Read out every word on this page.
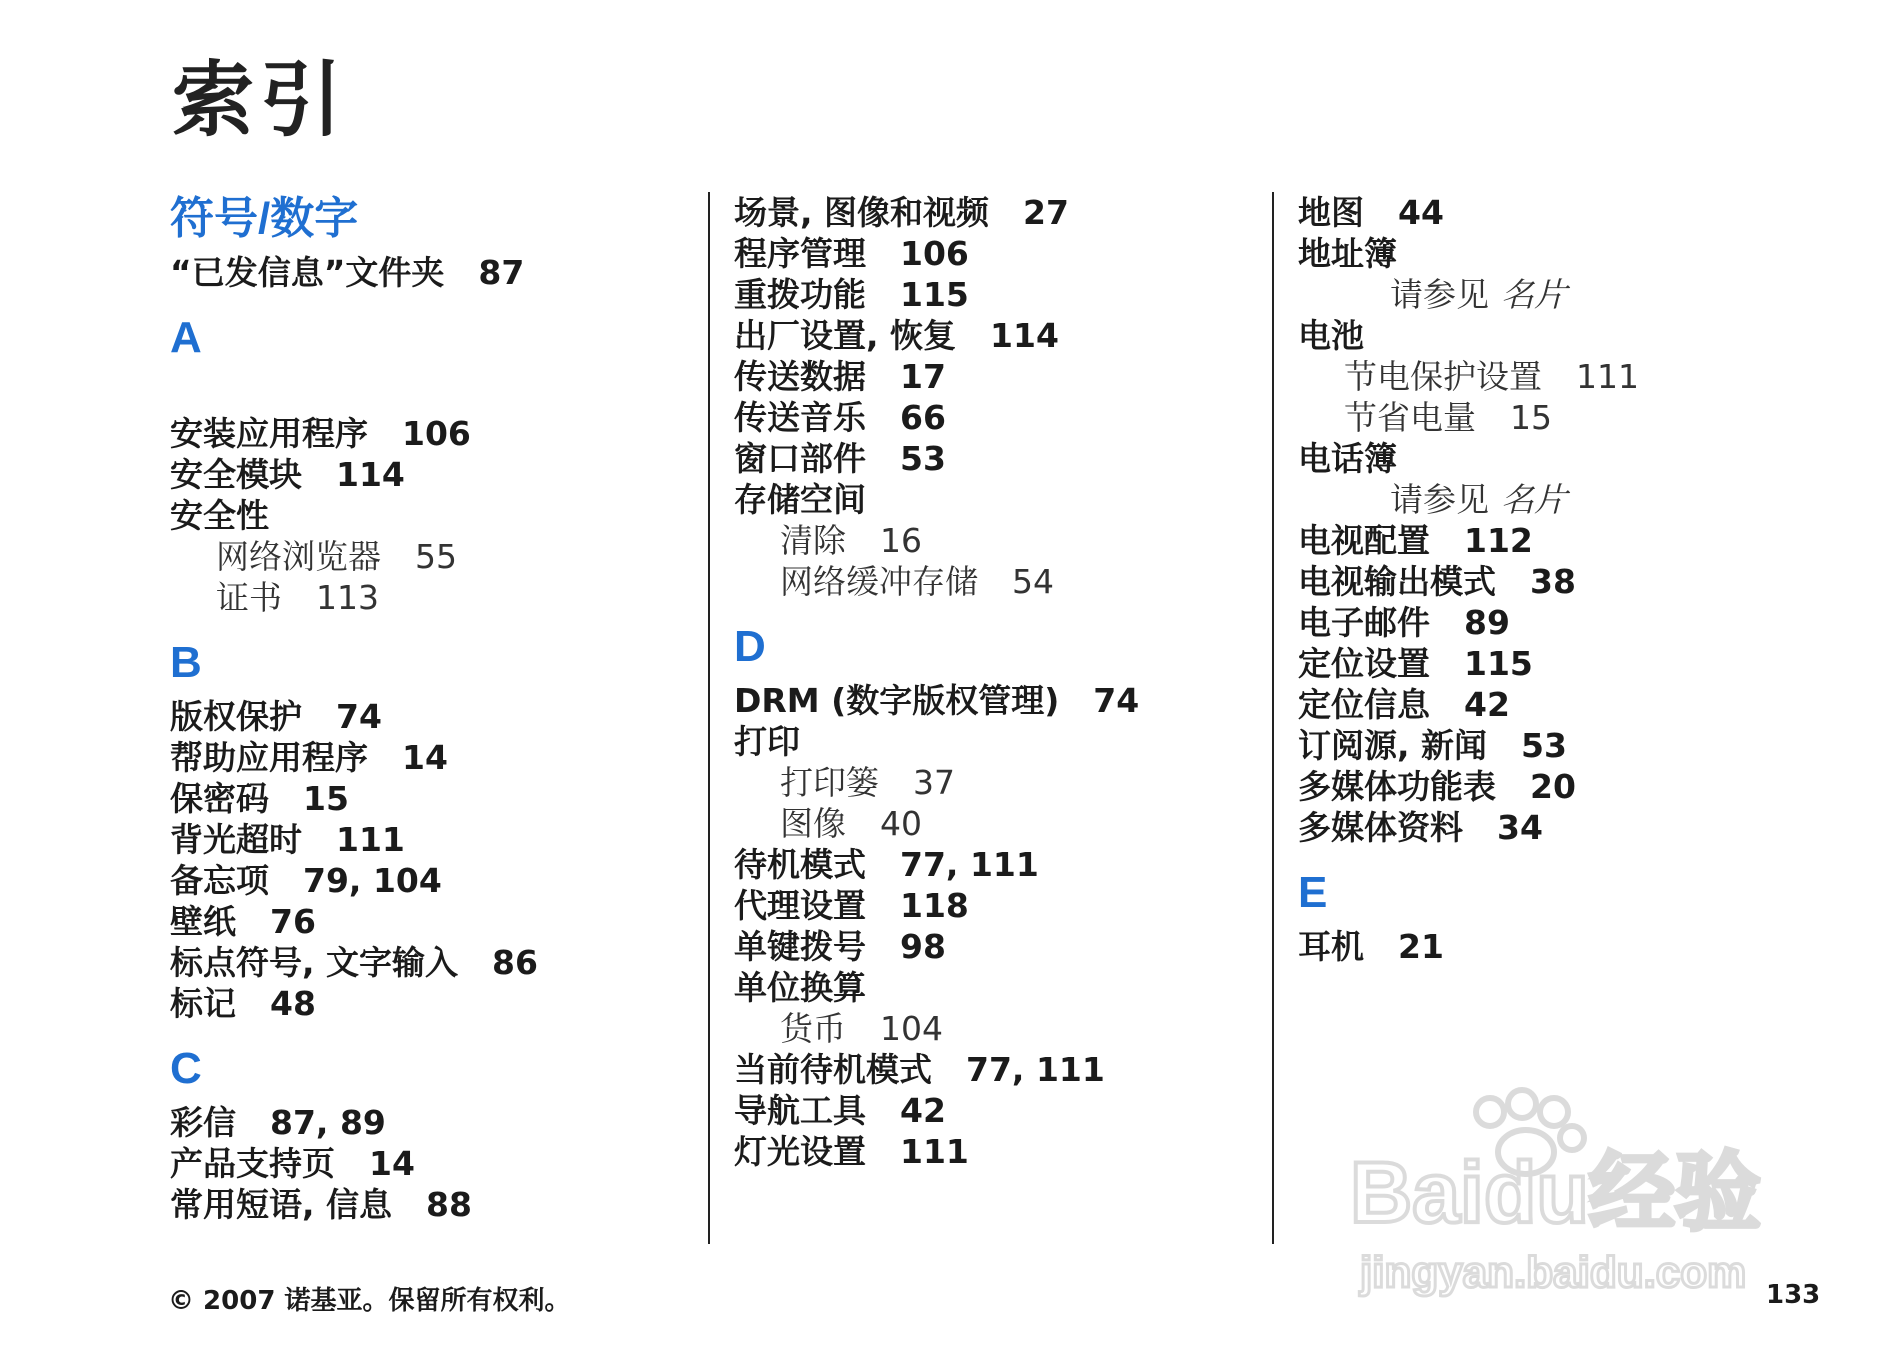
索引
符号/数字
“已发信息”文件夹 87
A
安装应用程序 106
安全模块 114
安全性
网络浏览器 55
证书 113
B
版权保护 74
帮助应用程序 14
保密码 15
背光超时 111
备忘项 79, 104
壁纸 76
标点符号, 文字输入 86
标记 48
C
彩信 87, 89
产品支持页 14
常用短语, 信息 88
场景, 图像和视频 27
程序管理 106
重拨功能 115
出厂设置, 恢复 114
传送数据 17
传送音乐 66
窗口部件 53
存储空间
清除 16
网络缓冲存储 54
D
DRM (数字版权管理) 74
打印
打印篓 37
图像 40
待机模式 77, 111
代理设置 118
单键拨号 98
单位换算
货币 104
当前待机模式 77, 111
导航工具 42
灯光设置 111
地图 44
地址簿
请参见 名片
电池
节电保护设置 111
节省电量 15
电话簿
请参见 名片
电视配置 112
电视输出模式 38
电子邮件 89
定位设置 115
定位信息 42
订阅源, 新闻 53
多媒体功能表 20
多媒体资料 34
E
耳机 21
© 2007 诺基亚。保留所有权利。	133
Baidu经验
jingyan.baidu.com
